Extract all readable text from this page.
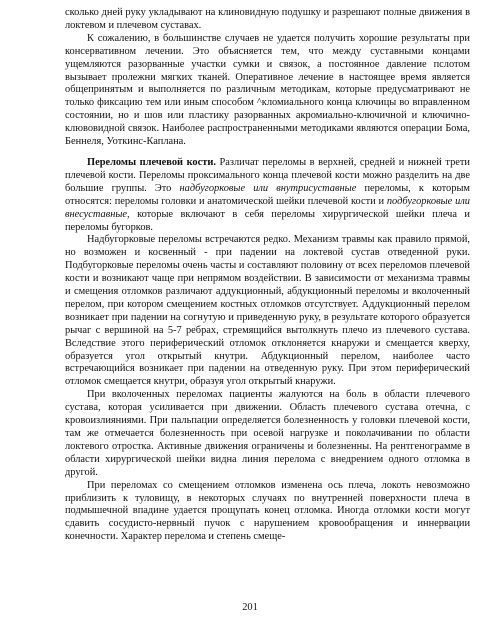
сколько дней руку укладывают на клиновидную подушку и разрешают полные движения в локтевом и плечевом суставах.

К сожалению, в большинстве случаев не удается получить хорошие результаты при консервативном лечении. Это объясняется тем, что между суставными концами ущемляются разорванные участки сумки и связок, а постоянное давление пслотом вызывает пролежни мягких тканей. Оперативное лечение в настоящее время является общепринятым и выполняется по различным методикам, которые предусматривают не только фиксацию тем или иным способом ^кломиального конца ключицы во вправленном состоянии, но и шов или пластику разорванных акромиально-ключичной и ключично-клювовидной связок. Наиболее распространенными методиками являются операции Бома, Беннеля, Уоткинс-Каплана.

Переломы плечевой кости. Различат переломы в верхней, средней и нижней трети плечевой кости. Переломы проксимального конца плечевой кости можно разделить на две большие группы. Это надбугорковые или внутрисуставные переломы, к которым относятся: переломы головки и анатомической шейки плечевой кости и подбугорковые или внесуставные, которые включают в себя переломы хирургической шейки плеча и переломы бугорков.

Надбугорковые переломы встречаются редко. Механизм травмы как правило прямой, но возможен и косвенный - при падении на локтевой сустав отведенной руки. Подбугорковые переломы очень часты и составляют половину от всех переломов плечевой кости и возникают чаще при непрямом воздействии. В зависимости от механизма травмы и смещения отломков различают аддукционный, абдукционный переломы и вколоченный перелом, при котором смещением костных отломков отсутствует. Аддукционный перелом возникает при падении на согнутую и приведенную руку, в результате которого образуется рычаг с вершиной на 5-7 ребрах, стремящийся вытолкнуть плечо из плечевого сустава. Вследствие этого периферический отломок отклоняется кнаружи и смещается кверху, образуется угол открытый кнутри. Абдукционный перелом, наиболее часто встречающийся возникает при падении на отведенную руку. При этом периферический отломок смещается кнутри, образуя угол открытый кнаружи.

При вколоченных переломах пациенты жалуются на боль в области плечевого сустава, которая усиливается при движении. Область плечевого сустава отечна, с кровоизлияниями. При пальпации определяется болезненность у головки плечевой кости, там же отмечается болезненность при осевой нагрузке и поколачивании по области локтевого отростка. Активные движения ограничены и болезненны. На рентгенограмме в области хирургической шейки видна линия перелома с внедрением одного отломка в другой.

При переломах со смещением отломков изменена ось плеча, локоть невозможно приблизить к туловищу, в некоторых случаях по внутренней поверхности плеча в подмышечной впадине удается прощупать конец отломка. Иногда отломки кости могут сдавить сосудисто-нервный пучок с нарушением кровообращения и иннервации конечности. Характер перелома и степень смеще-

201
